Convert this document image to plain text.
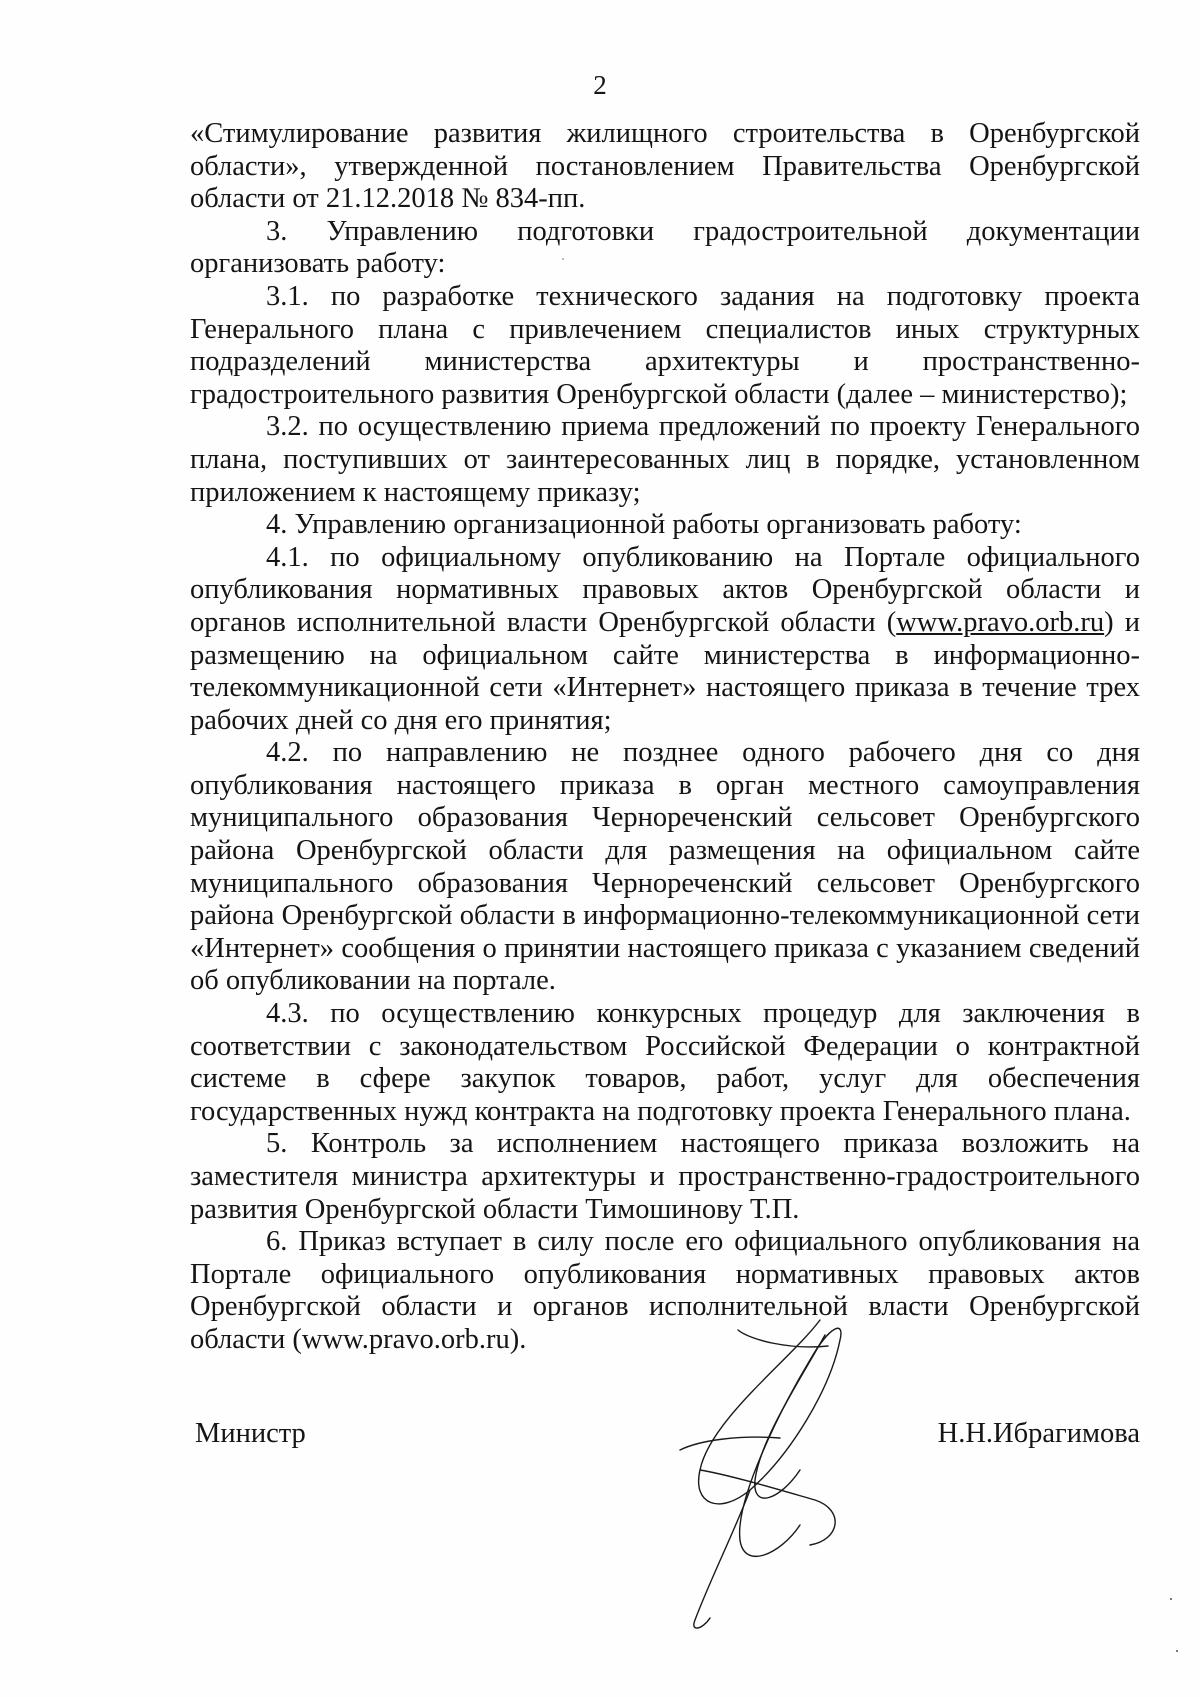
2

«Стимулирование развития жилищного строительства в Оренбургской области», утвержденной постановлением Правительства Оренбургской области от 21.12.2018 № 834-пп.

3. Управлению подготовки градостроительной документации организовать работу:

3.1. по разработке технического задания на подготовку проекта Генерального плана с привлечением специалистов иных структурных подразделений министерства архитектуры и пространственно-градостроительного развития Оренбургской области (далее – министерство);

3.2. по осуществлению приема предложений по проекту Генерального плана, поступивших от заинтересованных лиц в порядке, установленном приложением к настоящему приказу;

4. Управлению организационной работы организовать работу:

4.1. по официальному опубликованию на Портале официального опубликования нормативных правовых актов Оренбургской области и органов исполнительной власти Оренбургской области (www.pravo.orb.ru) и размещению на официальном сайте министерства в информационно-телекоммуникационной сети «Интернет» настоящего приказа в течение трех рабочих дней со дня его принятия;

4.2. по направлению не позднее одного рабочего дня со дня опубликования настоящего приказа в орган местного самоуправления муниципального образования Чернореченский сельсовет Оренбургского района Оренбургской области для размещения на официальном сайте муниципального образования Чернореченский сельсовет Оренбургского района Оренбургской области в информационно-телекоммуникационной сети «Интернет» сообщения о принятии настоящего приказа с указанием сведений об опубликовании на портале.

4.3. по осуществлению конкурсных процедур для заключения в соответствии с законодательством Российской Федерации о контрактной системе в сфере закупок товаров, работ, услуг для обеспечения государственных нужд контракта на подготовку проекта Генерального плана.

5. Контроль за исполнением настоящего приказа возложить на заместителя министра архитектуры и пространственно-градостроительного развития Оренбургской области Тимошинову Т.П.

6. Приказ вступает в силу после его официального опубликования на Портале официального опубликования нормативных правовых актов Оренбургской области и органов исполнительной власти Оренбургской области (www.pravo.orb.ru).

Министр	Н.Н.Ибрагимова
